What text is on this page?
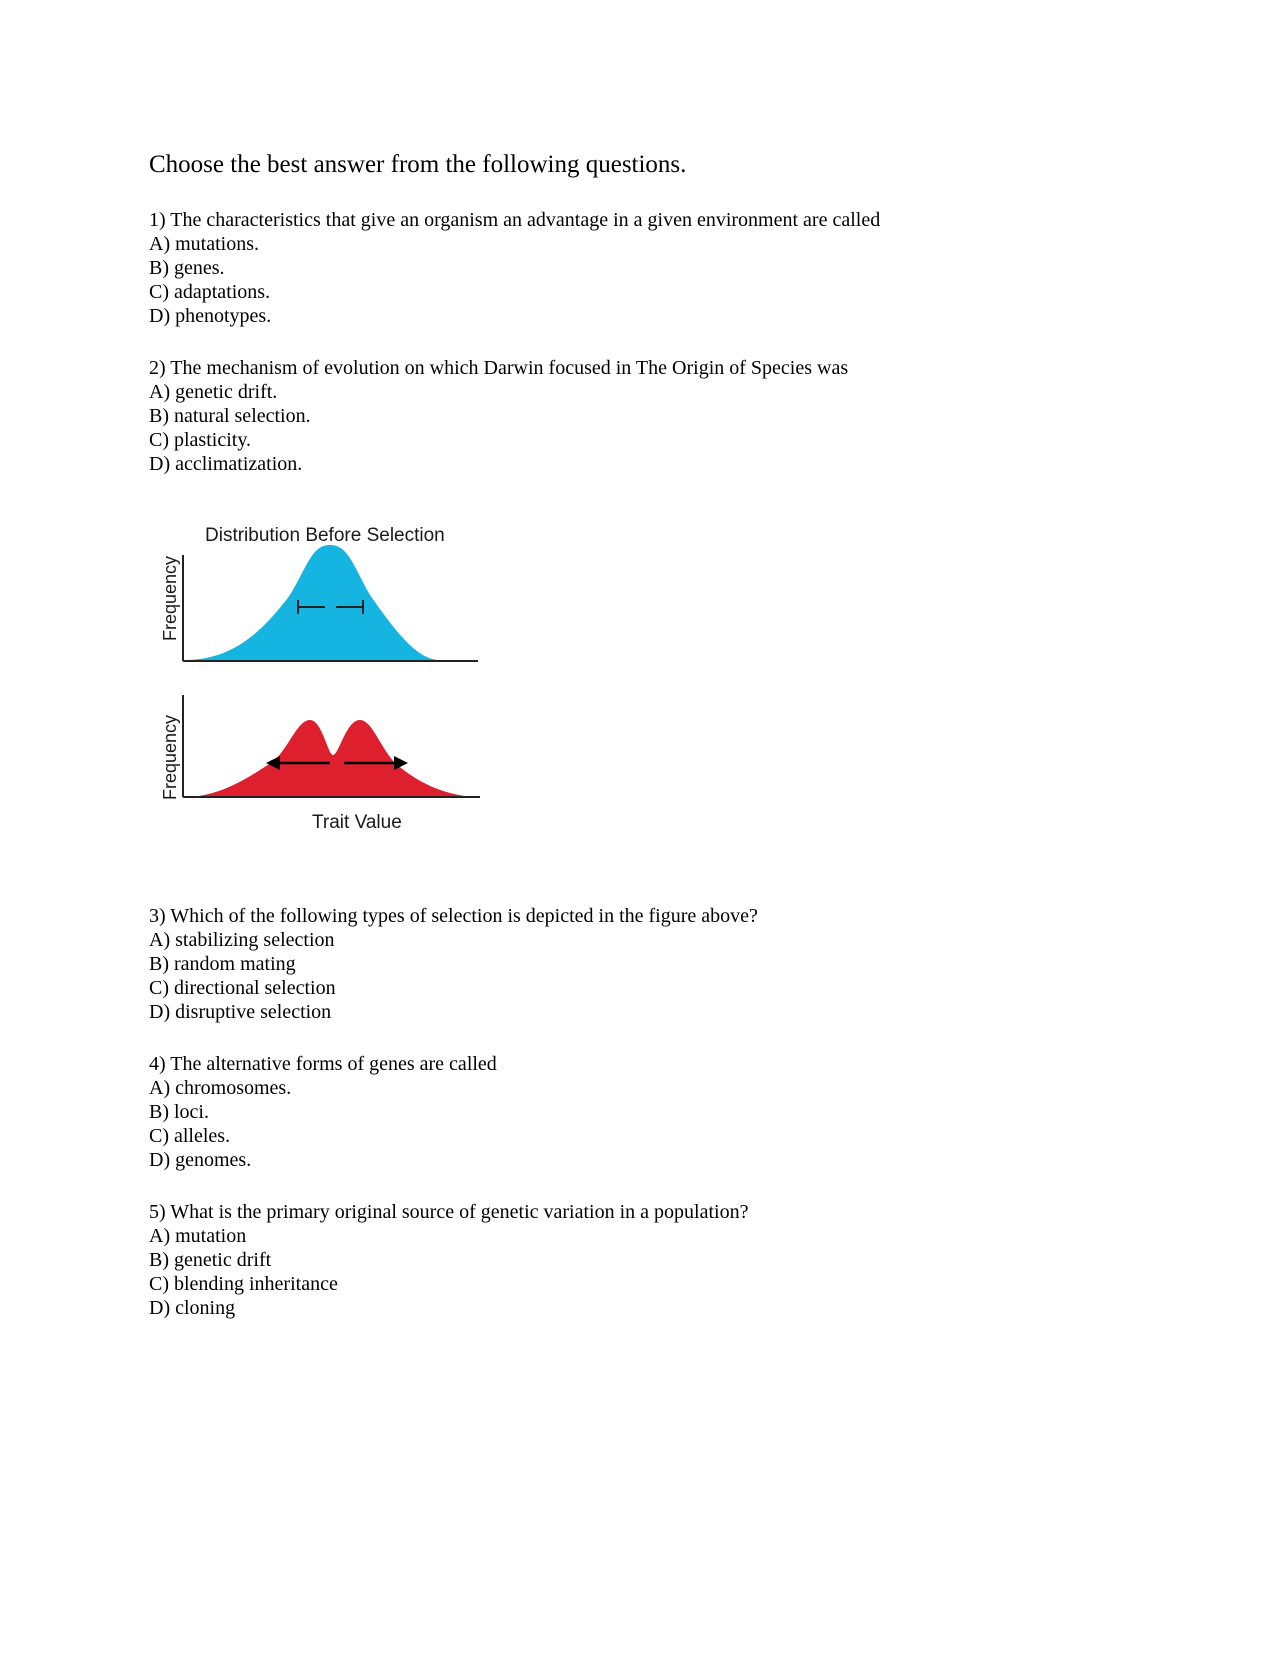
Choose the best answer from the following questions.
1) The characteristics that give an organism an advantage in a given environment are called
A) mutations.
B) genes.
C) adaptations.
D) phenotypes.
2) The mechanism of evolution on which Darwin focused in The Origin of Species was
A) genetic drift.
B) natural selection.
C) plasticity.
D) acclimatization.
Distribution Before Selection
Frequency
Frequency
Trait Value
3) Which of the following types of selection is depicted in the figure above?
A) stabilizing selection
B) random mating
C) directional selection
D) disruptive selection
4) The alternative forms of genes are called
A) chromosomes.
B) loci.
C) alleles.
D) genomes.
5) What is the primary original source of genetic variation in a population?
A) mutation
B) genetic drift
C) blending inheritance
D) cloning
